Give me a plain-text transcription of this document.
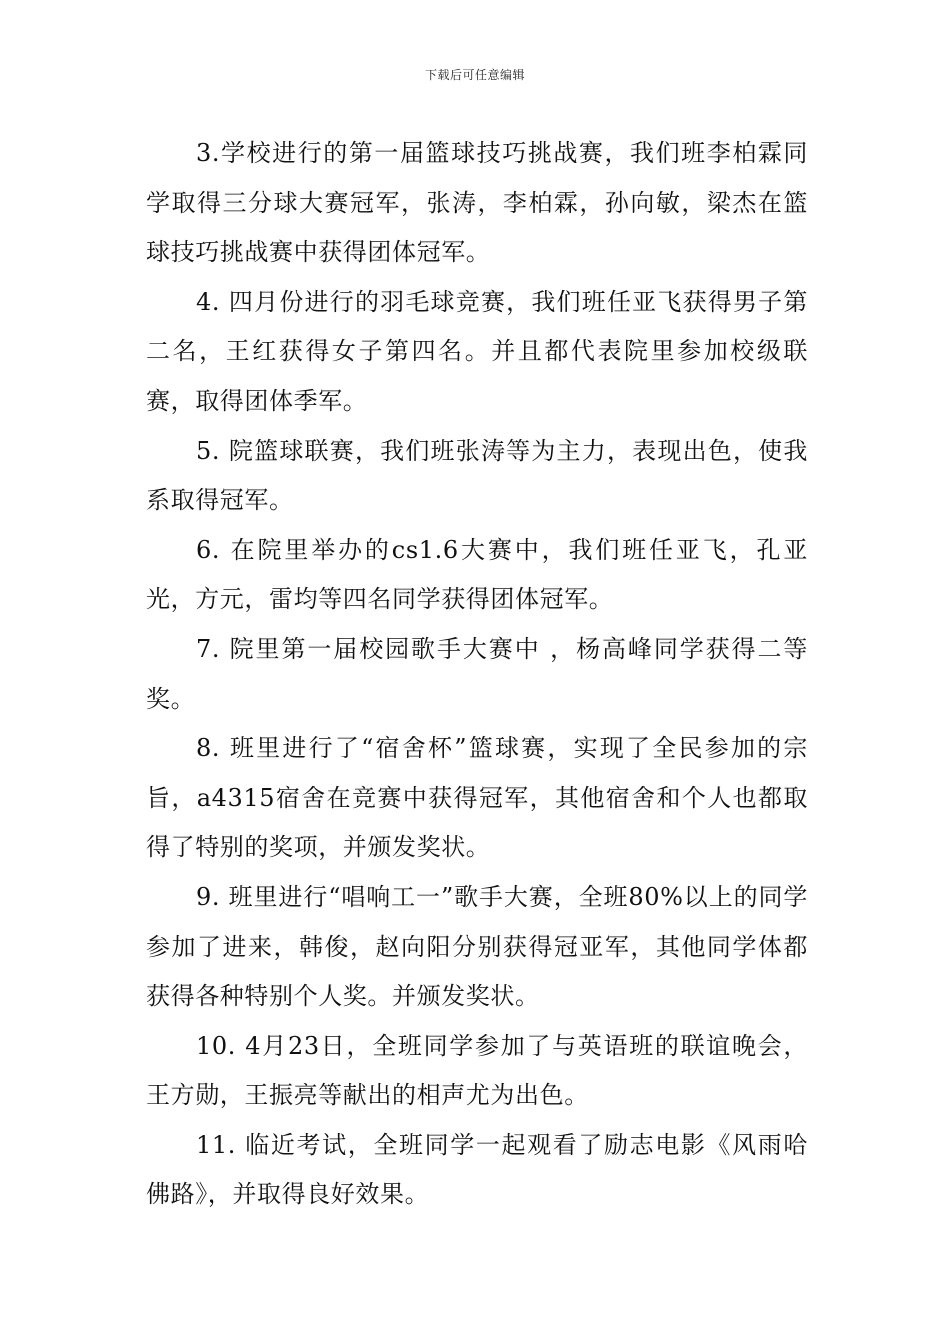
下载后可任意编辑

3.学校进行的第一届篮球技巧挑战赛，我们班李柏霖同学取得三分球大赛冠军，张涛，李柏霖，孙向敏，梁杰在篮球技巧挑战赛中获得团体冠军。

4. 四月份进行的羽毛球竞赛，我们班任亚飞获得男子第二名，王红获得女子第四名。并且都代表院里参加校级联赛，取得团体季军。

5. 院篮球联赛，我们班张涛等为主力，表现出色，使我系取得冠军。

6. 在院里举办的cs1.6大赛中，我们班任亚飞，孔亚光，方元，雷均等四名同学获得团体冠军。

7. 院里第一届校园歌手大赛中 ，杨高峰同学获得二等奖。

8. 班里进行了“宿舍杯”篮球赛，实现了全民参加的宗旨，a4315宿舍在竞赛中获得冠军，其他宿舍和个人也都取得了特别的奖项，并颁发奖状。

9. 班里进行“唱响工一”歌手大赛，全班80%以上的同学参加了进来，韩俊，赵向阳分别获得冠亚军，其他同学体都获得各种特别个人奖。并颁发奖状。

10. 4月23日，全班同学参加了与英语班的联谊晚会，王方勋，王振亮等献出的相声尤为出色。

11. 临近考试，全班同学一起观看了励志电影《风雨哈佛路》，并取得良好效果。
